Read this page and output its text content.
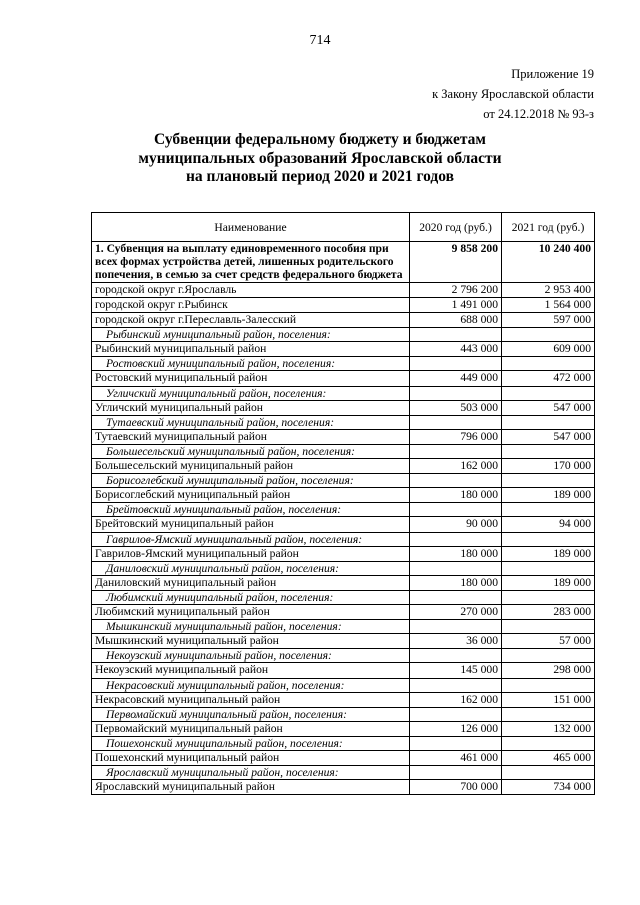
714
Приложение 19
к Закону Ярославской области
от 24.12.2018 № 93-з
Субвенции федеральному бюджету и бюджетам
муниципальных образований Ярославской области
на плановый период 2020 и 2021 годов
Наименование	2020 год (руб.)	2021 год (руб.)
1. Субвенция на выплату единовременного пособия при всех формах устройства детей, лишенных родительского попечения, в семью за счет средств федерального бюджета	9 858 200	10 240 400
городской округ г.Ярославль	2 796 200	2 953 400
городской округ г.Рыбинск	1 491 000	1 564 000
городской округ г.Переславль-Залесский	688 000	597 000
Рыбинский муниципальный район, поселения:		
Рыбинский муниципальный район	443 000	609 000
Ростовский муниципальный район, поселения:		
Ростовский муниципальный район	449 000	472 000
Угличский муниципальный район, поселения:		
Угличский муниципальный район	503 000	547 000
Тутаевский муниципальный район, поселения:		
Тутаевский муниципальный район	796 000	547 000
Большесельский муниципальный район, поселения:		
Большесельский муниципальный район	162 000	170 000
Борисоглебский муниципальный район, поселения:		
Борисоглебский муниципальный район	180 000	189 000
Брейтовский муниципальный район, поселения:		
Брейтовский муниципальный район	90 000	94 000
Гаврилов-Ямский муниципальный район, поселения:		
Гаврилов-Ямский муниципальный район	180 000	189 000
Даниловский муниципальный район, поселения:		
Даниловский муниципальный район	180 000	189 000
Любимский муниципальный район, поселения:		
Любимский муниципальный район	270 000	283 000
Мышкинский муниципальный район, поселения:		
Мышкинский муниципальный район	36 000	57 000
Некоузский муниципальный район, поселения:		
Некоузский муниципальный район	145 000	298 000
Некрасовский муниципальный район, поселения:		
Некрасовский муниципальный район	162 000	151 000
Первомайский муниципальный район, поселения:		
Первомайский муниципальный район	126 000	132 000
Пошехонский муниципальный район, поселения:		
Пошехонский муниципальный район	461 000	465 000
Ярославский муниципальный район, поселения:		
Ярославский муниципальный район	700 000	734 000
